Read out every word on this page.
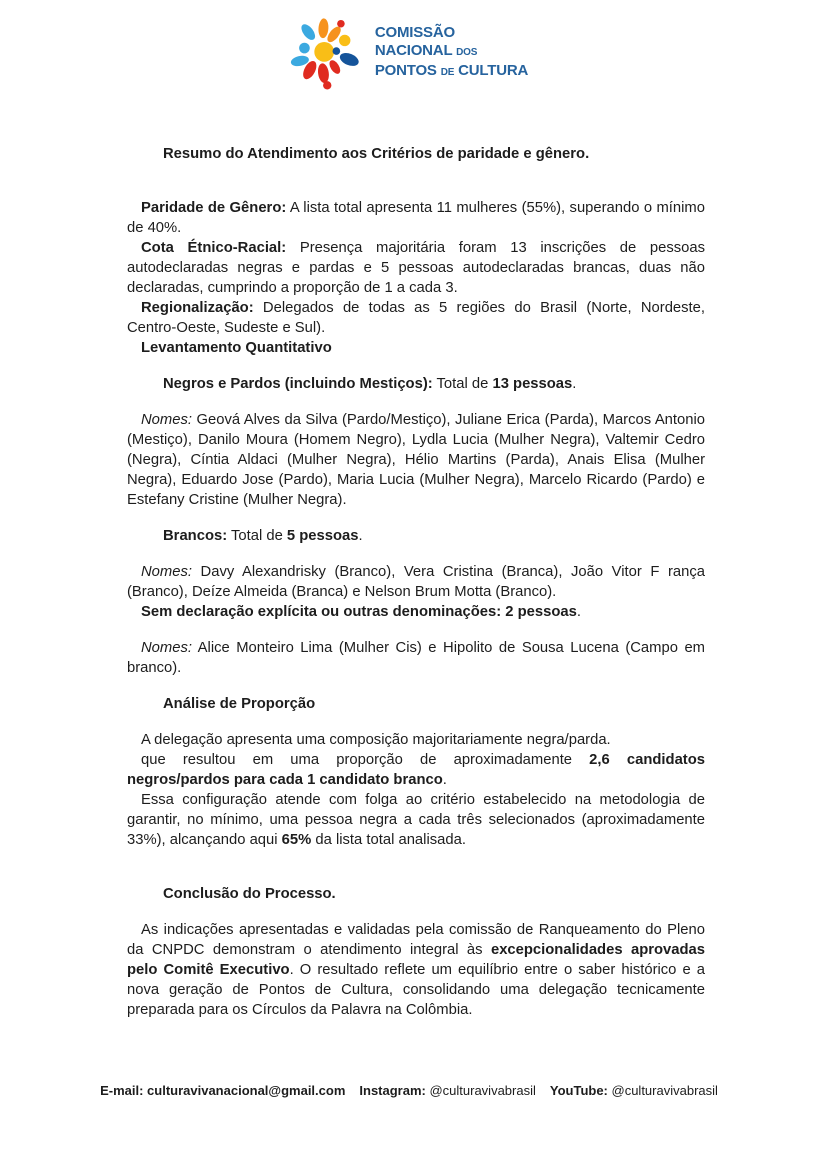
COMISSÃO
NACIONAL DOS
PONTOS DE CULTURA

Resumo do Atendimento aos Critérios de paridade e gênero.

Paridade de Gênero: A lista total apresenta 11 mulheres (55%), superando o mínimo de 40%.

Cota Étnico-Racial: Presença majoritária foram 13 inscrições de pessoas autodeclaradas negras e pardas e 5 pessoas autodeclaradas brancas, duas não declaradas, cumprindo a proporção de 1 a cada 3.

Regionalização: Delegados de todas as 5 regiões do Brasil (Norte, Nordeste, Centro-Oeste, Sudeste e Sul).

Levantamento Quantitativo

Negros e Pardos (incluindo Mestiços): Total de 13 pessoas.

Nomes: Geová Alves da Silva (Pardo/Mestiço), Juliane Erica (Parda), Marcos Antonio (Mestiço), Danilo Moura (Homem Negro), Lydla Lucia (Mulher Negra), Valtemir Cedro (Negra), Cíntia Aldaci (Mulher Negra), Hélio Martins (Parda), Anais Elisa (Mulher Negra), Eduardo Jose (Pardo), Maria Lucia (Mulher Negra), Marcelo Ricardo (Pardo) e Estefany Cristine (Mulher Negra).

Brancos: Total de 5 pessoas.

Nomes: Davy Alexandrisky (Branco), Vera Cristina (Branca), João Vitor F rança (Branco), Deíze Almeida (Branca) e Nelson Brum Motta (Branco).

Sem declaração explícita ou outras denominações: 2 pessoas.

Nomes: Alice Monteiro Lima (Mulher Cis) e Hipolito de Sousa Lucena (Campo em branco).

Análise de Proporção

A delegação apresenta uma composição majoritariamente negra/parda.

que resultou em uma proporção de aproximadamente 2,6 candidatos negros/pardos para cada 1 candidato branco.

Essa configuração atende com folga ao critério estabelecido na metodologia de garantir, no mínimo, uma pessoa negra a cada três selecionados (aproximadamente 33%), alcançando aqui 65% da lista total analisada.

Conclusão do Processo.

As indicações apresentadas e validadas pela comissão de Ranqueamento do Pleno da CNPDC demonstram o atendimento integral às excepcionalidades aprovadas pelo Comitê Executivo. O resultado reflete um equilíbrio entre o saber histórico e a nova geração de Pontos de Cultura, consolidando uma delegação tecnicamente preparada para os Círculos da Palavra na Colômbia.

E-mail: culturavivanacional@gmail.com Instagram: @culturavivabrasil YouTube: @culturavivabrasil
